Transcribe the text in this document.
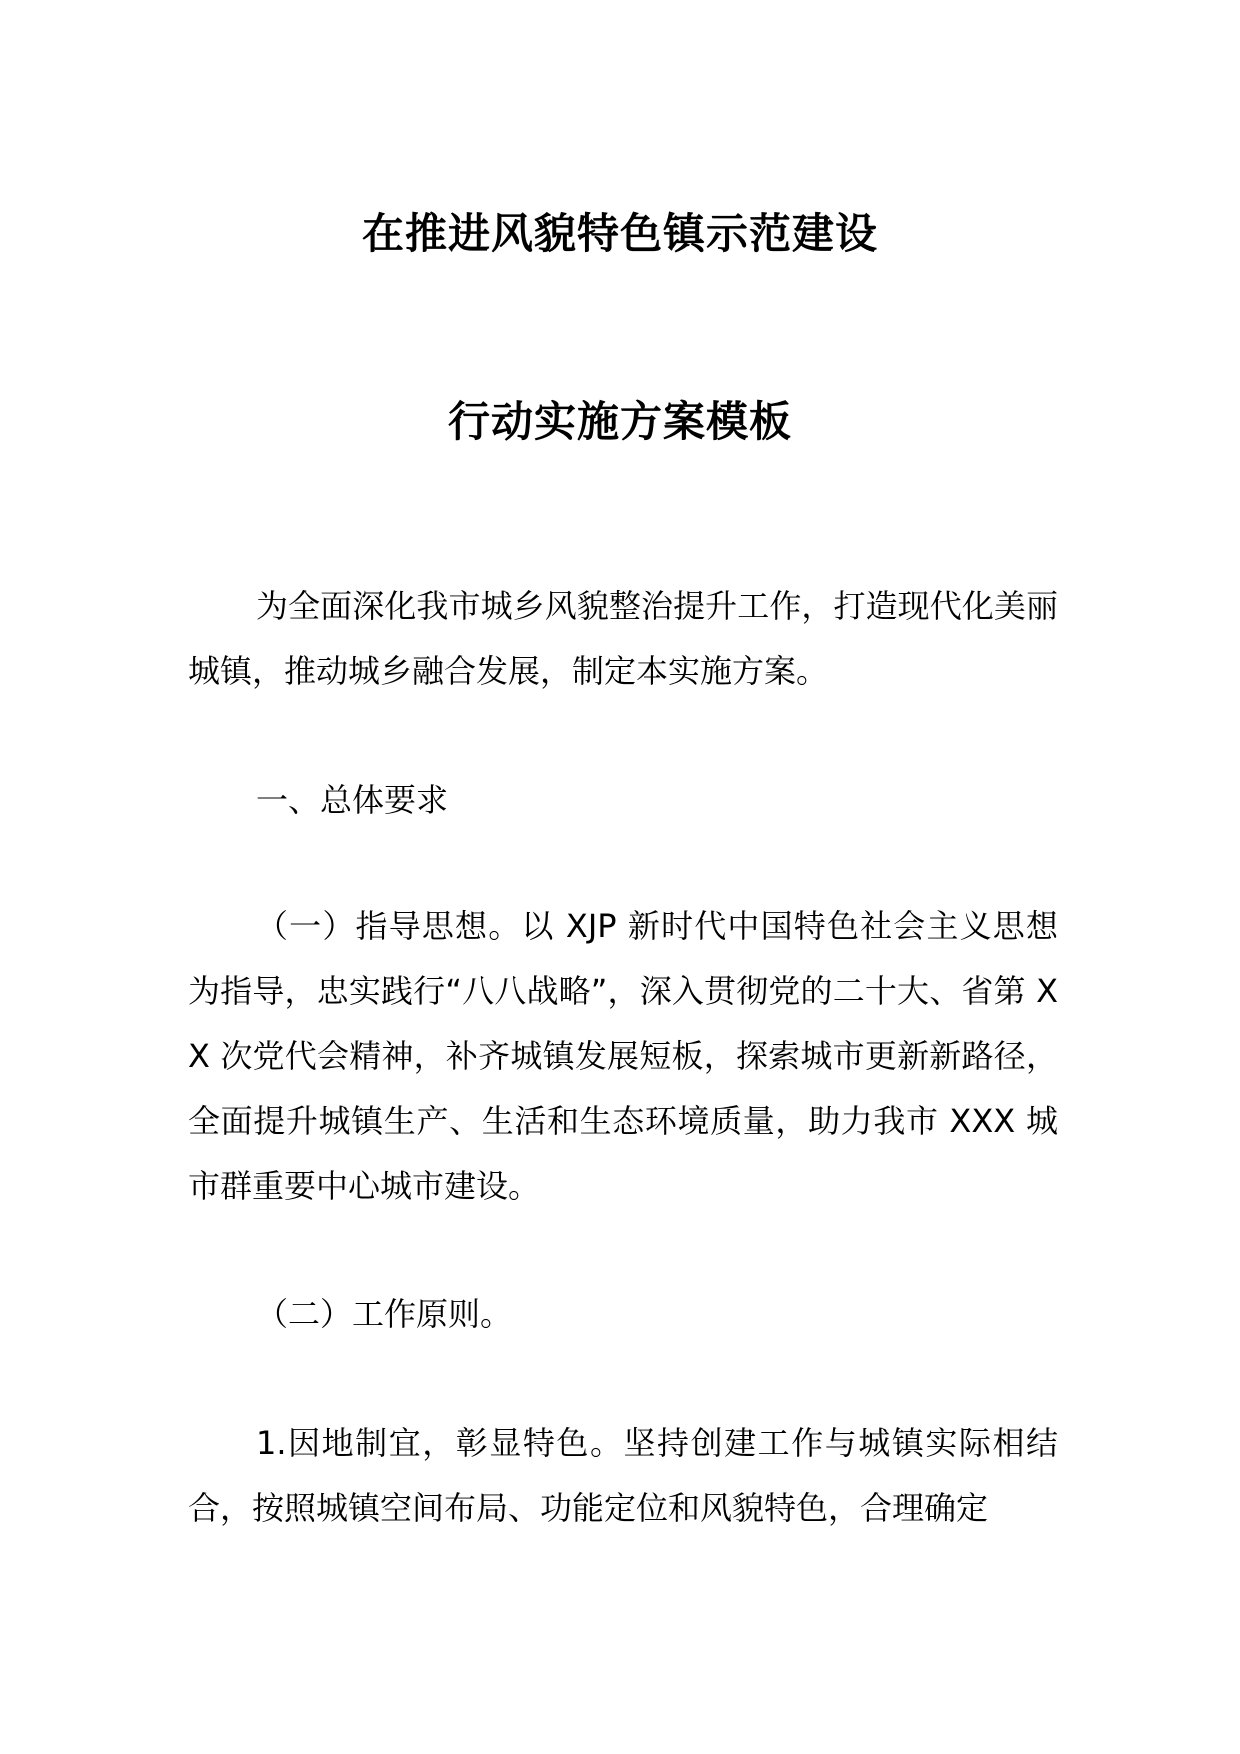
在推进风貌特色镇示范建设
行动实施方案模板
为全面深化我市城乡风貌整治提升工作，打造现代化美丽城镇，推动城乡融合发展，制定本实施方案。
一、总体要求
（一）指导思想。以 XJP 新时代中国特色社会主义思想为指导，忠实践行“八八战略”，深入贯彻党的二十大、省第 XX 次党代会精神，补齐城镇发展短板，探索城市更新新路径，全面提升城镇生产、生活和生态环境质量，助力我市 XXX 城市群重要中心城市建设。
（二）工作原则。
1.因地制宜，彰显特色。坚持创建工作与城镇实际相结合，按照城镇空间布局、功能定位和风貌特色，合理确定
